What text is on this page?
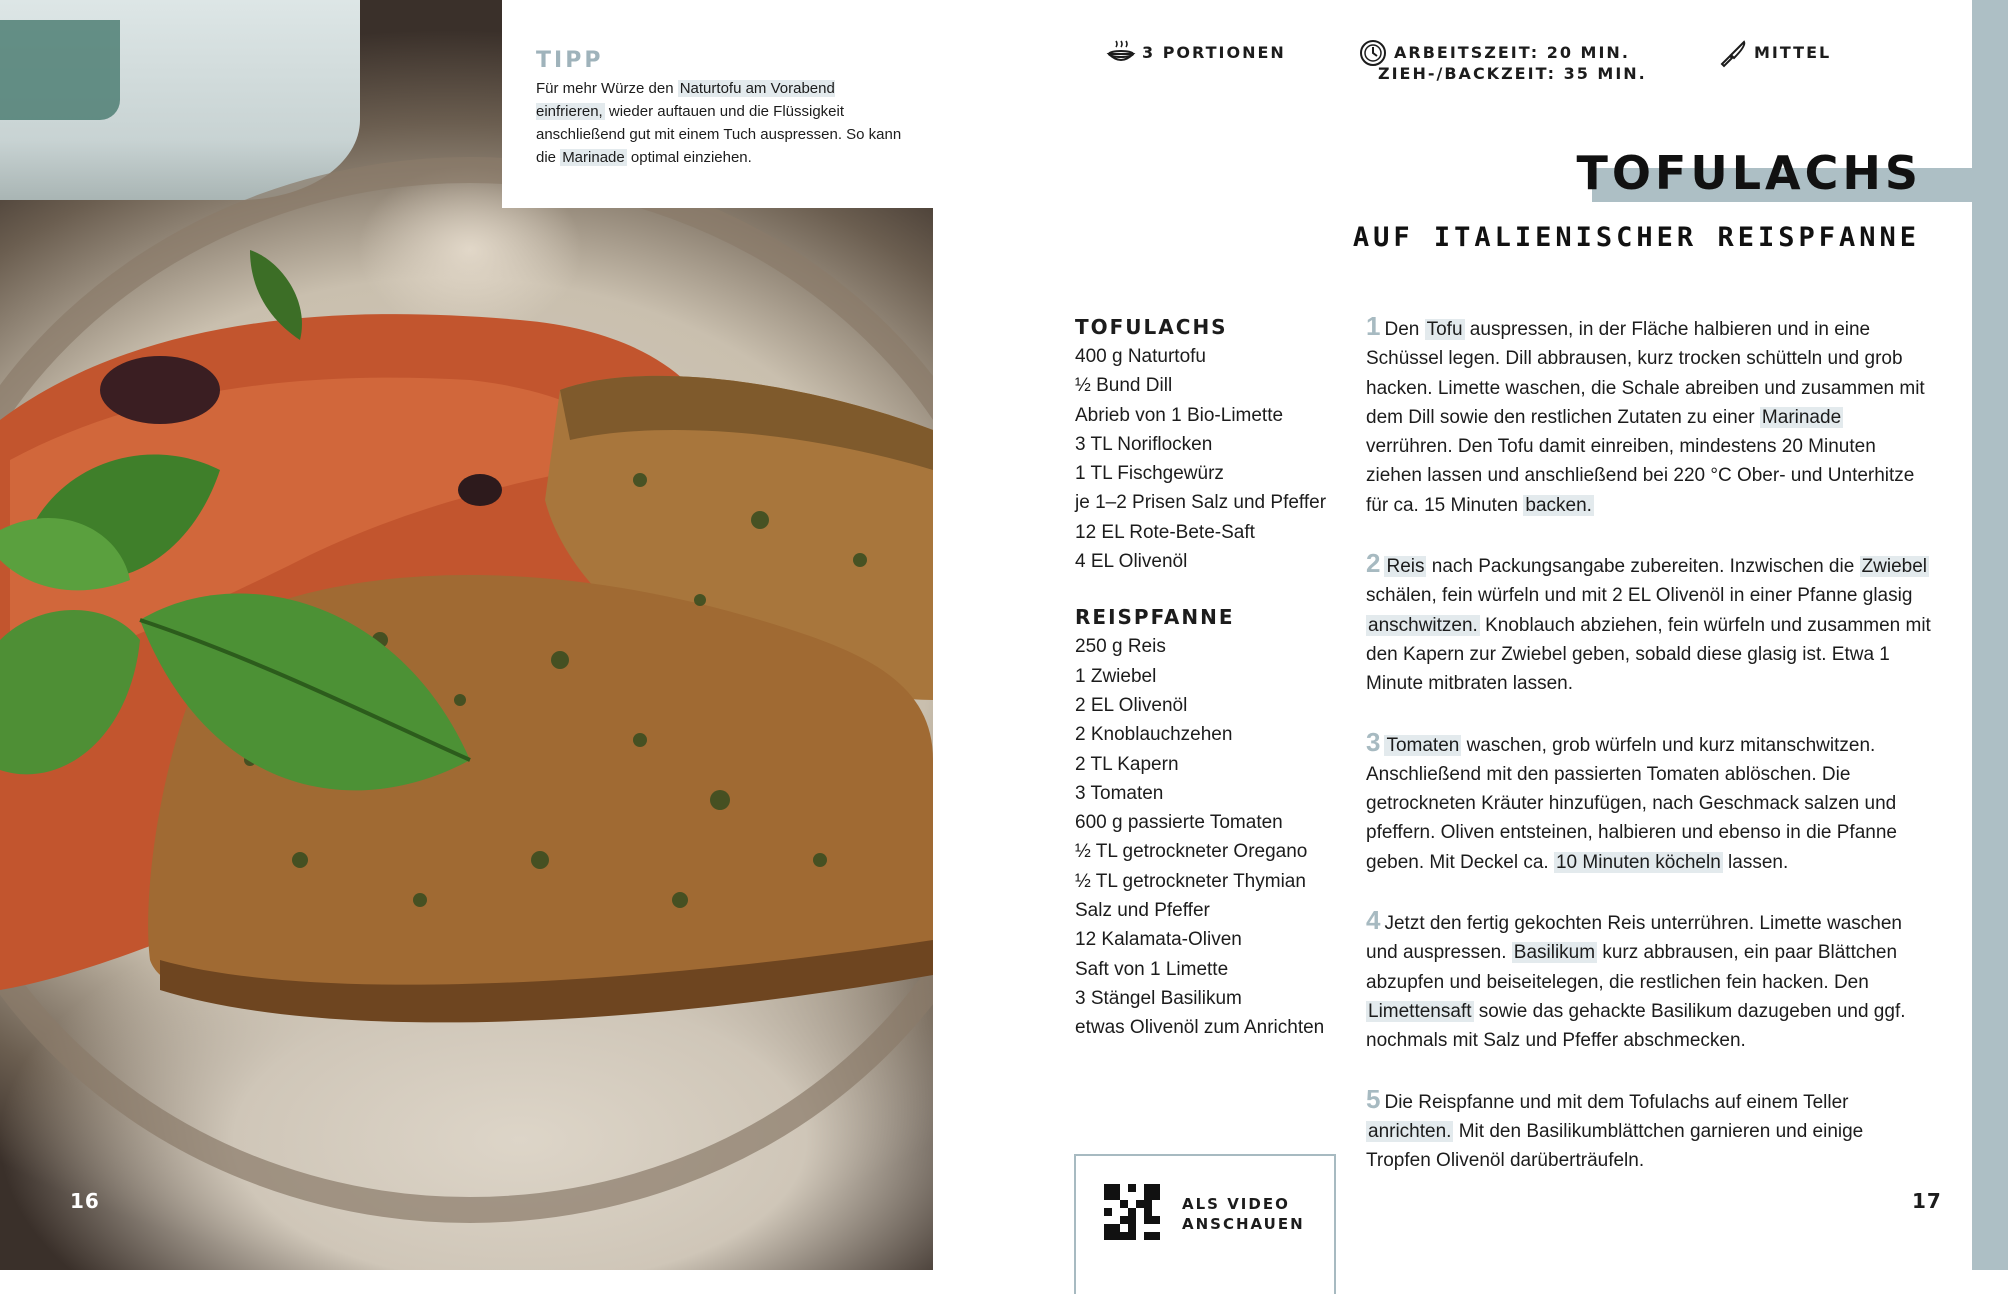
TIPP
Für mehr Würze den Naturtofu am Vorabend einfrieren, wieder auftauen und die Flüssigkeit anschließend gut mit einem Tuch auspressen. So kann die Marinade optimal einziehen.
3 PORTIONEN	ARBEITSZEIT: 20 MIN.
ZIEH-/BACKZEIT: 35 MIN.
MITTEL
TOFULACHS
AUF ITALIENISCHER REISPFANNE
TOFULACHS
400 g Naturtofu
½ Bund Dill
Abrieb von 1 Bio-Limette
3 TL Noriflocken
1 TL Fischgewürz
je 1–2 Prisen Salz und Pfeffer
12 EL Rote-Bete-Saft
4 EL Olivenöl
REISPFANNE
250 g Reis
1 Zwiebel
2 EL Olivenöl
2 Knoblauchzehen
2 TL Kapern
3 Tomaten
600 g passierte Tomaten
½ TL getrockneter Oregano
½ TL getrockneter Thymian
Salz und Pfeffer
12 Kalamata-Oliven
Saft von 1 Limette
3 Stängel Basilikum
etwas Olivenöl zum Anrichten
1 Den Tofu auspressen, in der Fläche halbieren und in eine Schüssel legen. Dill abbrausen, kurz trocken schütteln und grob hacken. Limette waschen, die Schale abreiben und zusammen mit dem Dill sowie den restlichen Zutaten zu einer Marinade verrühren. Den Tofu damit einreiben, mindestens 20 Minuten ziehen lassen und anschließend bei 220 °C Ober- und Unterhitze für ca. 15 Minuten backen.
2 Reis nach Packungsangabe zubereiten. Inzwischen die Zwiebel schälen, fein würfeln und mit 2 EL Olivenöl in einer Pfanne glasig anschwitzen. Knoblauch abziehen, fein würfeln und zusammen mit den Kapern zur Zwiebel geben, sobald diese glasig ist. Etwa 1 Minute mitbraten lassen.
3 Tomaten waschen, grob würfeln und kurz mitanschwitzen. Anschließend mit den passierten Tomaten ablöschen. Die getrockneten Kräuter hinzufügen, nach Geschmack salzen und pfeffern. Oliven entsteinen, halbieren und ebenso in die Pfanne geben. Mit Deckel ca. 10 Minuten köcheln lassen.
4 Jetzt den fertig gekochten Reis unterrühren. Limette waschen und auspressen. Basilikum kurz abbrausen, ein paar Blättchen abzupfen und beiseitelegen, die restlichen fein hacken. Den Limettensaft sowie das gehackte Basilikum dazugeben und ggf. nochmals mit Salz und Pfeffer abschmecken.
5 Die Reispfanne und mit dem Tofulachs auf einem Teller anrichten. Mit den Basilikumblättchen garnieren und einige Tropfen Olivenöl darüberträufeln.
ALS VIDEO
ANSCHAUEN
16	17
